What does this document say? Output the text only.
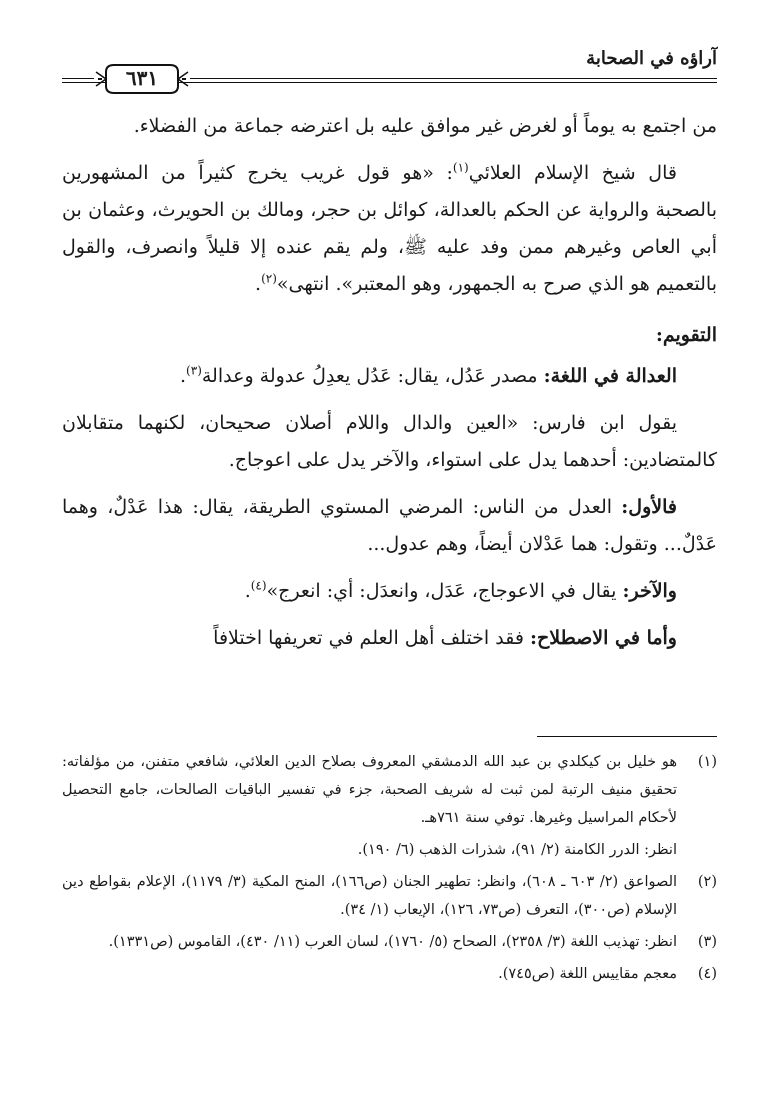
آراؤه في الصحابة
٦٣١

من اجتمع به يوماً أو لغرض غير موافق عليه بل اعترضه جماعة من الفضلاء.

قال شيخ الإسلام العلائي$^{(١)}$: «هو قول غريب يخرج كثيراً من المشهورين بالصحبة والرواية عن الحكم بالعدالة، كوائل بن حجر، ومالك بن الحويرث، وعثمان بن أبي العاص وغيرهم ممن وفد عليه ﷺ، ولم يقم عنده إلا قليلاً وانصرف، والقول بالتعميم هو الذي صرح به الجمهور، وهو المعتبر». انتهى»$^{(٢)}$.

التقويم:

العدالة في اللغة: مصدر عَدُل، يقال: عَدُل يعدِلُ عدولة وعدالة$^{(٣)}$.

يقول ابن فارس: «العين والدال واللام أصلان صحيحان، لكنهما متقابلان كالمتضادين: أحدهما يدل على استواء، والآخر يدل على اعوجاج.

فالأول: العدل من الناس: المرضي المستوي الطريقة، يقال: هذا عَدْلٌ، وهما عَدْلٌ... وتقول: هما عَدْلان أيضاً، وهم عدول...

والآخر: يقال في الاعوجاج، عَدَل، وانعدَل: أي: انعرج»$^{(٤)}$.

وأما في الاصطلاح: فقد اختلف أهل العلم في تعريفها اختلافاً

(١)

هو خليل بن كيكلدي بن عبد الله الدمشقي المعروف بصلاح الدين العلائي، شافعي متفنن، من مؤلفاته: تحقيق منيف الرتبة لمن ثبت له شريف الصحبة، جزء في تفسير الباقيات الصالحات، جامع التحصيل لأحكام المراسيل وغيرها. توفي سنة ٧٦١هـ.

انظر: الدرر الكامنة (٢/ ٩١)، شذرات الذهب (٦/ ١٩٠).

(٢)

الصواعق (٢/ ٦٠٣ ـ ٦٠٨)، وانظر: تطهير الجنان (ص١٦٦)، المنح المكية (٣/ ١١٧٩)، الإعلام بقواطع دين الإسلام (ص٣٠٠)، التعرف (ص٧٣، ١٢٦)، الإيعاب (١/ ٣٤).

(٣)

انظر: تهذيب اللغة (٣/ ٢٣٥٨)، الصحاح (٥/ ١٧٦٠)، لسان العرب (١١/ ٤٣٠)، القاموس (ص١٣٣١).

(٤)

معجم مقاييس اللغة (ص٧٤٥).
